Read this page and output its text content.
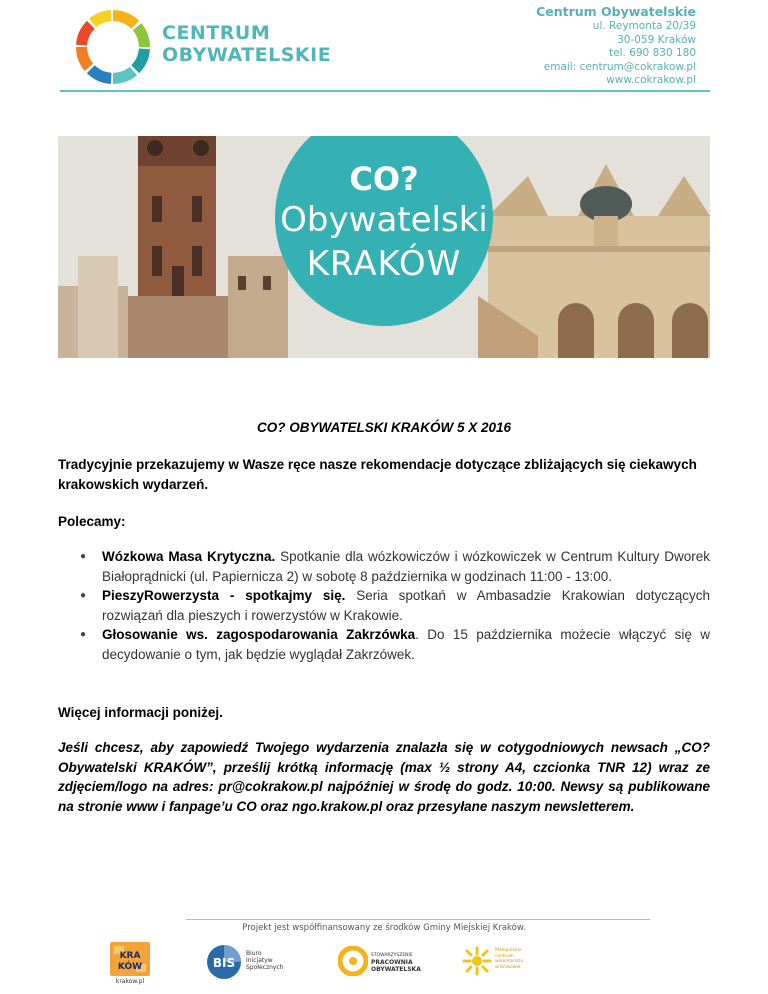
CENTRUM
OBYWATELSKIE
Centrum Obywatelskie
ul. Reymonta 20/39
30-059 Kraków
tel. 690 830 180
email: centrum@cokrakow.pl
www.cokrakow.pl
CO?
Obywatelski
KRAKÓW
CO? OBYWATELSKI KRAKÓW 5 X 2016
Tradycyjnie przekazujemy w Wasze ręce nasze rekomendacje dotyczące zbliżających się ciekawych krakowskich wydarzeń.
Polecamy:
● Wózkowa Masa Krytyczna. Spotkanie dla wózkowiczów i wózkowiczek w Centrum Kultury Dworek Białoprądnicki (ul. Papiernicza 2) w sobotę 8 października w godzinach 11:00 - 13:00.
● PieszyRowerzysta - spotkajmy się. Seria spotkań w Ambasadzie Krakowian dotyczących rozwiązań dla pieszych i rowerzystów w Krakowie.
● Głosowanie ws. zagospodarowania Zakrzówka. Do 15 października możecie włączyć się w decydowanie o tym, jak będzie wyglądał Zakrzówek.
Więcej informacji poniżej.
Jeśli chcesz, aby zapowiedź Twojego wydarzenia znalazła się w cotygodniowych newsach „CO? Obywatelski KRAKÓW”, prześlij krótką informację (max ½ strony A4, czcionka TNR 12) wraz ze zdjęciem/logo na adres: pr@cokrakow.pl najpóźniej w środę do godz. 10:00. Newsy są publikowane na stronie www i fanpage’u CO oraz ngo.krakow.pl oraz przesyłane naszym newsletterem.
Projekt jest współfinansowany ze środków Gminy Miejskiej Kraków.
KRA
KÓW
krakow.pl
BIS
Biuro
Inicjatyw
Społecznych
STOWARZYSZENIE
PRACOWNIA
OBYWATELSKA
Małopolskie
centrum
wolontariatu
w Krakowie
